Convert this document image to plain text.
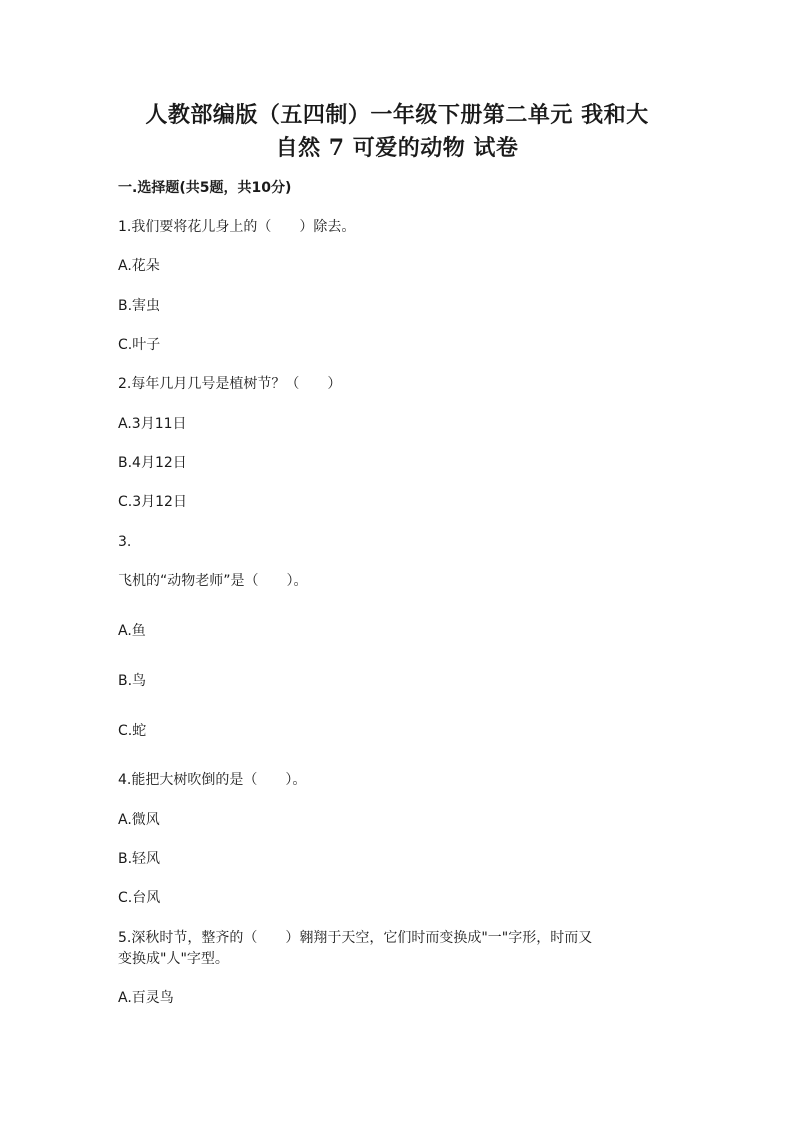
人教部编版（五四制）一年级下册第二单元 我和大
自然 7 可爱的动物 试卷

一.选择题(共5题，共10分)

1.我们要将花儿身上的（　　）除去。

A.花朵

B.害虫

C.叶子

2.每年几月几号是植树节？（　　）

A.3月11日

B.4月12日

C.3月12日

3.

飞机的“动物老师”是（　　）。

A.鱼

B.鸟

C.蛇

4.能把大树吹倒的是（　　）。

A.微风

B.轻风

C.台风

5.深秋时节，整齐的（　　）翱翔于天空，它们时而变换成"一"字形，时而又

变换成"人"字型。

A.百灵鸟
